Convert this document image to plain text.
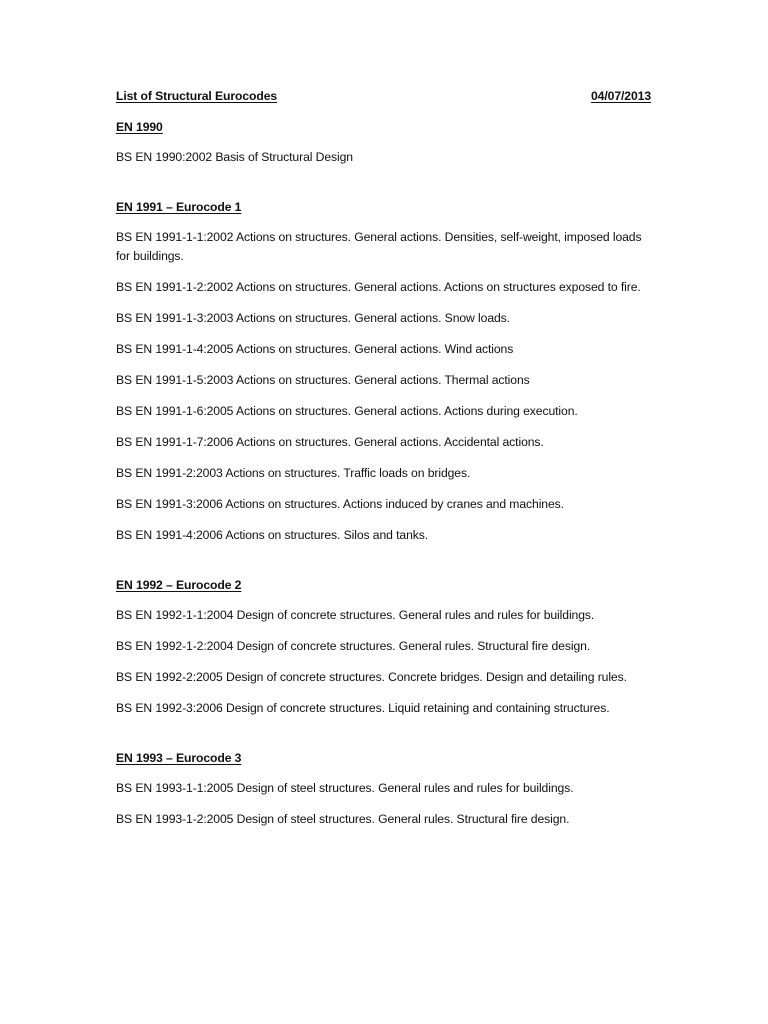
List of Structural Eurocodes	04/07/2013

EN 1990

BS EN 1990:2002 Basis of Structural Design

EN 1991 – Eurocode 1

BS EN 1991-1-1:2002 Actions on structures. General actions. Densities, self-weight, imposed loads for buildings.

BS EN 1991-1-2:2002 Actions on structures. General actions. Actions on structures exposed to fire.

BS EN 1991-1-3:2003 Actions on structures. General actions. Snow loads.

BS EN 1991-1-4:2005 Actions on structures. General actions. Wind actions

BS EN 1991-1-5:2003 Actions on structures. General actions. Thermal actions

BS EN 1991-1-6:2005 Actions on structures. General actions. Actions during execution.

BS EN 1991-1-7:2006 Actions on structures. General actions. Accidental actions.

BS EN 1991-2:2003 Actions on structures. Traffic loads on bridges.

BS EN 1991-3:2006 Actions on structures. Actions induced by cranes and machines.

BS EN 1991-4:2006 Actions on structures. Silos and tanks.

EN 1992 – Eurocode 2

BS EN 1992-1-1:2004 Design of concrete structures. General rules and rules for buildings.

BS EN 1992-1-2:2004 Design of concrete structures. General rules. Structural fire design.

BS EN 1992-2:2005 Design of concrete structures. Concrete bridges. Design and detailing rules.

BS EN 1992-3:2006 Design of concrete structures. Liquid retaining and containing structures.

EN 1993 – Eurocode 3

BS EN 1993-1-1:2005 Design of steel structures. General rules and rules for buildings.

BS EN 1993-1-2:2005 Design of steel structures. General rules. Structural fire design.
